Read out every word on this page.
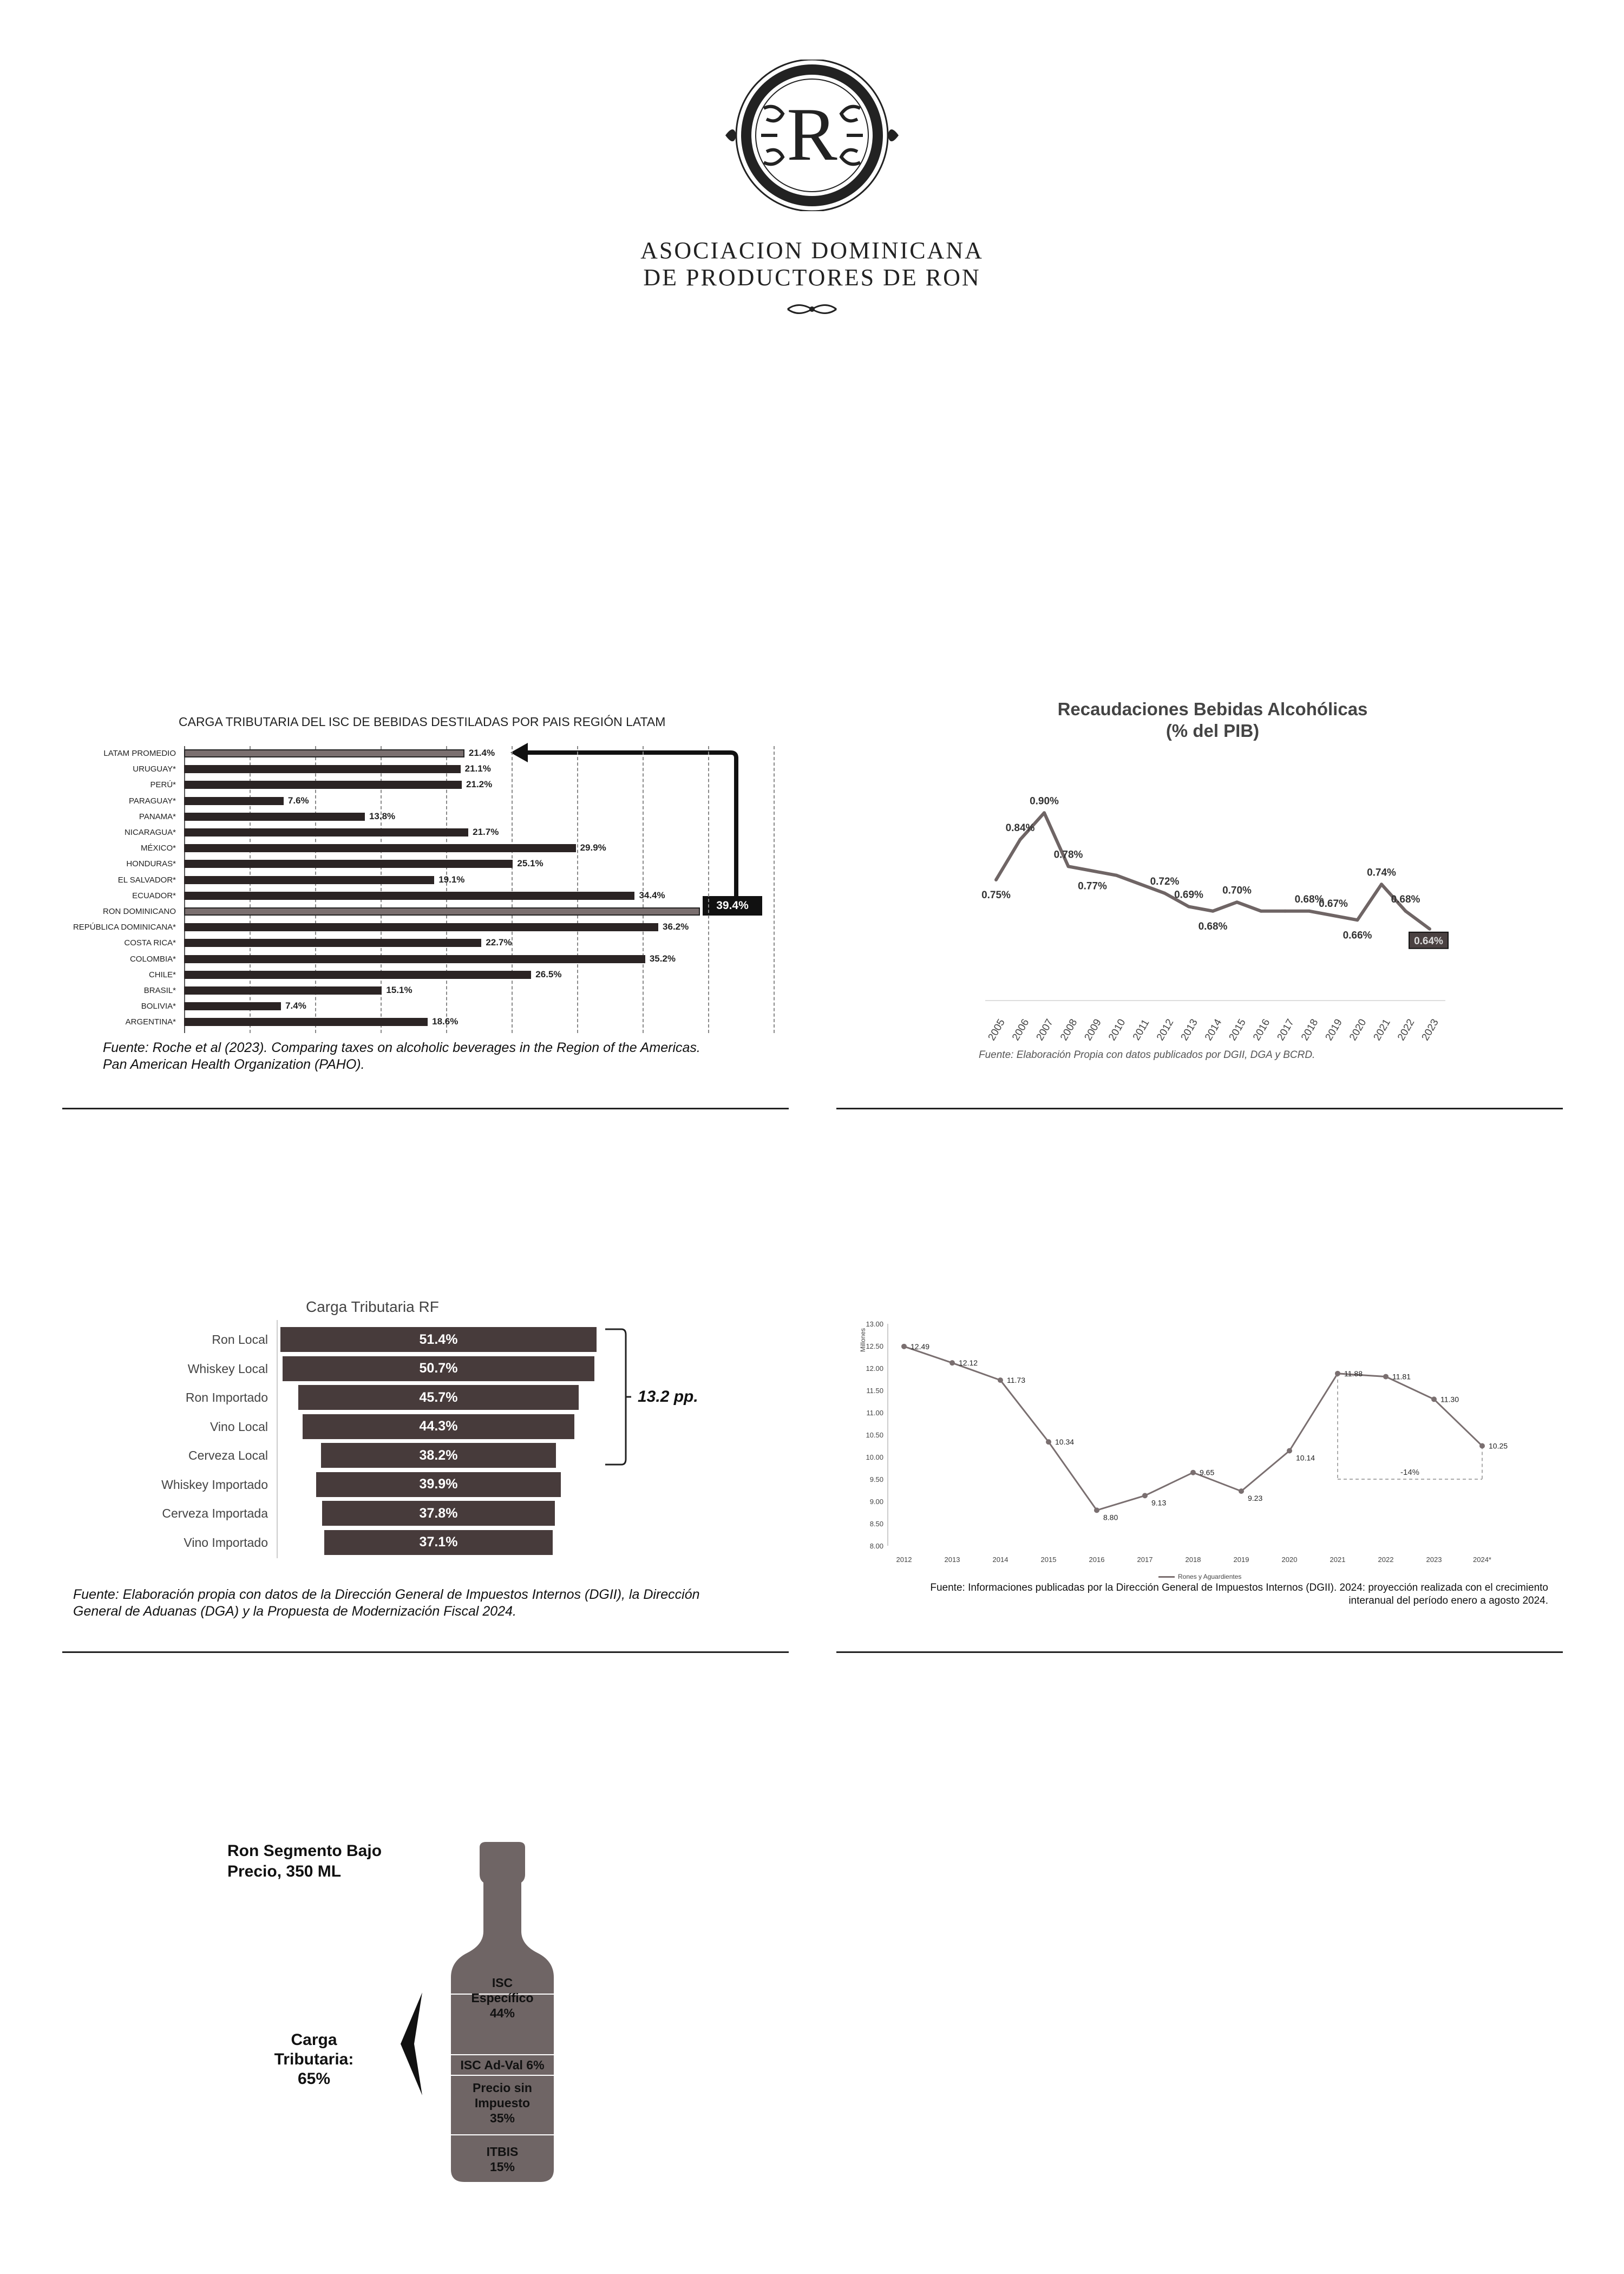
R
ASOCIACION DOMINICANA
DE PRODUCTORES DE RON
CARGA TRIBUTARIA DEL ISC DE BEBIDAS DESTILADAS POR PAIS REGIÓN LATAM
39.4%
Fuente: Roche et al (2023). Comparing taxes on alcoholic beverages in the Region of the Americas.
Pan American Health Organization (PAHO).
Recaudaciones Bebidas Alcohólicas
(% del PIB)
0.75%
0.84%
0.90%
0.78%
0.77%	0.72%
0.69%
0.68%
0.70%
0.68%
0.67%
0.66%
0.74%
0.68%
0.64%
2005 2006 2007 2008 2009 2010 2011 2012 2013 2014 2015 2016 2017 2018 2019 2020 2021 2022 2023
Fuente: Elaboración Propia con datos publicados por DGII, DGA y BCRD.
Carga Tributaria RF
13.2 pp.
Fuente: Elaboración propia con datos de la Dirección General de Impuestos Internos (DGII), la Dirección
General de Aduanas (DGA) y la Propuesta de Modernización Fiscal 2024.
8.00
8.50
9.00
9.50
10.00
10.50
11.00
11.50
12.00
12.50
13.00
Millones
-14%
12.49
12.12
11.73
10.34
8.80
9.13
9.65
9.23
10.14
11.88	11.81
11.30
10.25
Fuente: Informaciones publicadas por la Dirección General de Impuestos Internos (DGII). 2024: proyección realizada con el crecimiento
interanual del período enero a agosto 2024.
Ron Segmento Bajo
Precio, 350 ML
ISC
Específico
44%
ISC Ad-Val 6%
Precio sin
Impuesto
35%
ITBIS
15%
Carga
Tributaria:
65%
LATAM PROMEDIO	21.4%
URUGUAY*	21.1%
PERÚ*	21.2%
PARAGUAY*	7.6%
PANAMA*	13.8%
NICARAGUA*	21.7%
MÉXICO*	29.9%
HONDURAS*	25.1%
EL SALVADOR*	19.1%
ECUADOR*	34.4%
RON DOMINICANO
REPÚBLICA DOMINICANA*	36.2%
COSTA RICA*	22.7%
COLOMBIA*	35.2%
CHILE*	26.5%
BRASIL*	15.1%
BOLIVIA*	7.4%
ARGENTINA*	18.6%
Ron Local	51.4%
Whiskey Local	50.7%
Ron Importado	45.7%
Vino Local	44.3%
Cerveza Local	38.2%
Whiskey Importado	39.9%
Cerveza Importada	37.8%
Vino Importado	37.1%
2012	2013	2014	2015	2016	2017	2018	2019	2020	2021	2022	2023	2024*
Rones y Aguardientes
